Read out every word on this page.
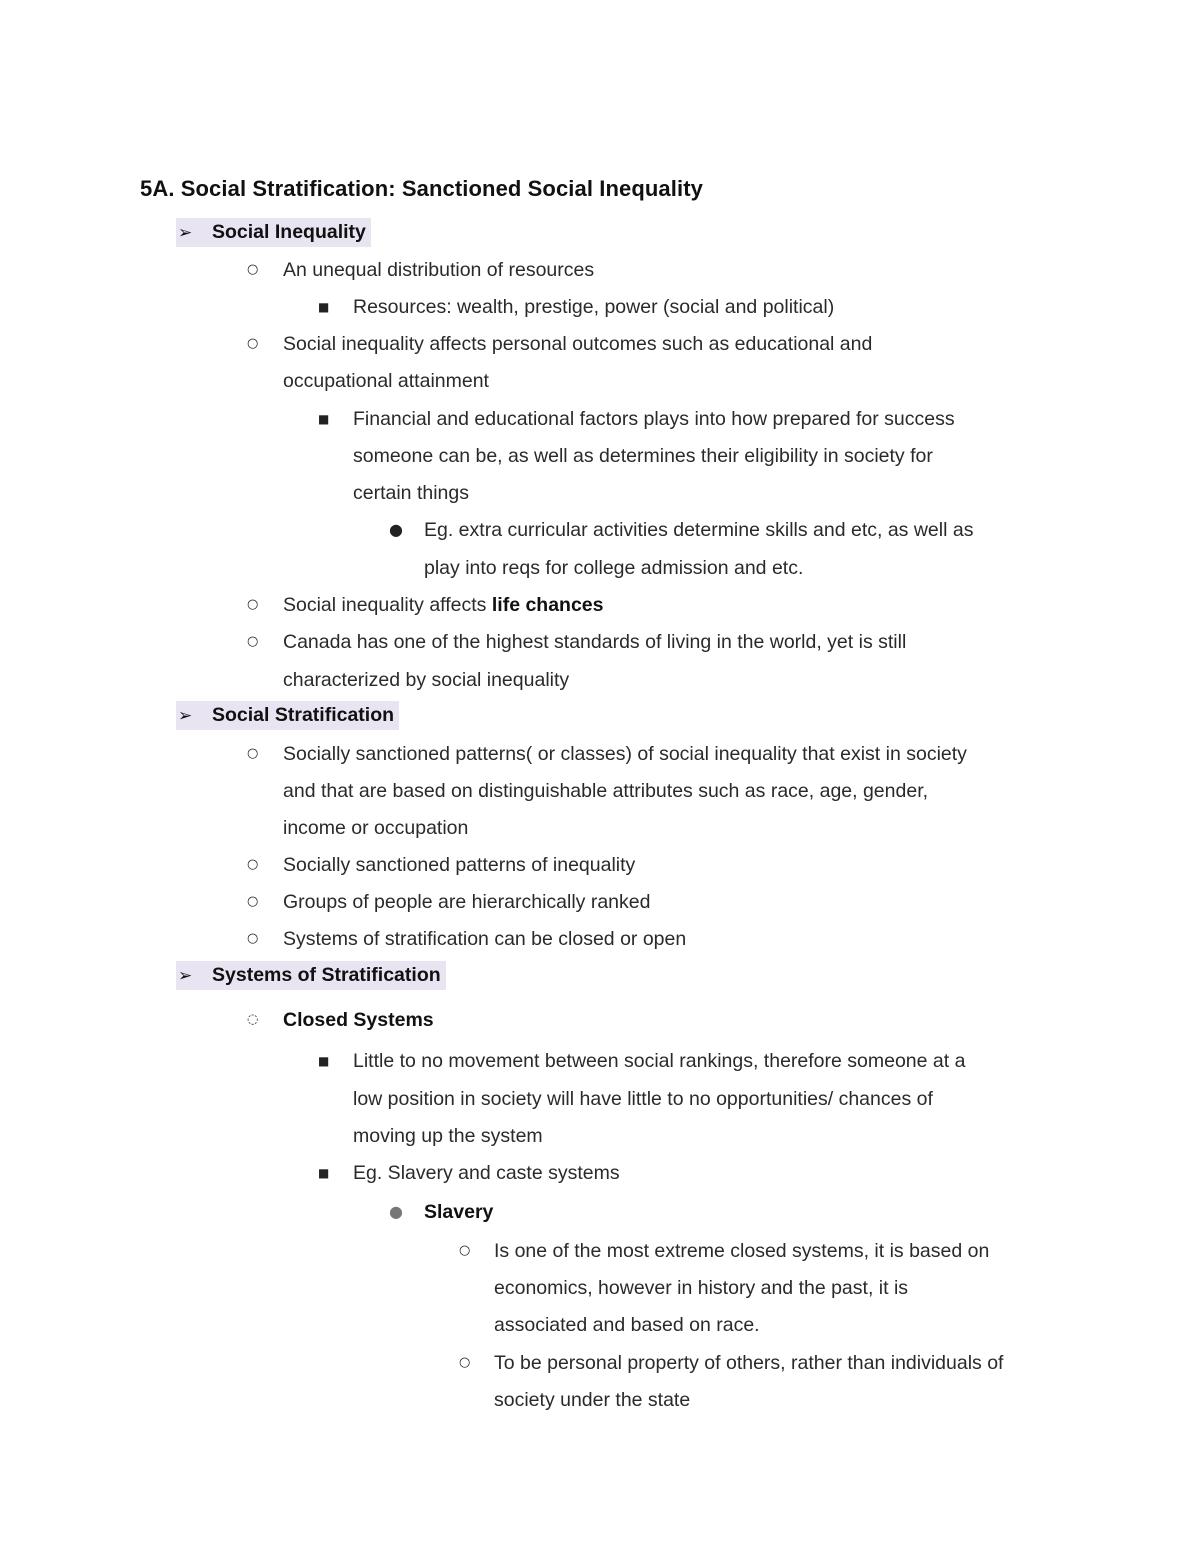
5A. Social Stratification: Sanctioned Social Inequality
➢ Social Inequality
○ An unequal distribution of resources
■ Resources: wealth, prestige, power (social and political)
○ Social inequality affects personal outcomes such as educational and
occupational attainment
■ Financial and educational factors plays into how prepared for success
someone can be, as well as determines their eligibility in society for
certain things
● Eg. extra curricular activities determine skills and etc, as well as
play into reqs for college admission and etc.
○ Social inequality affects life chances
○ Canada has one of the highest standards of living in the world, yet is still
characterized by social inequality
➢ Social Stratification
○ Socially sanctioned patterns( or classes) of social inequality that exist in society
and that are based on distinguishable attributes such as race, age, gender,
income or occupation
○ Socially sanctioned patterns of inequality
○ Groups of people are hierarchically ranked
○ Systems of stratification can be closed or open
➢ Systems of Stratification
◌ Closed Systems
■ Little to no movement between social rankings, therefore someone at a
low position in society will have little to no opportunities/ chances of
moving up the system
■ Eg. Slavery and caste systems
● Slavery
○ Is one of the most extreme closed systems, it is based on
economics, however in history and the past, it is
associated and based on race.
○ To be personal property of others, rather than individuals of
society under the state
